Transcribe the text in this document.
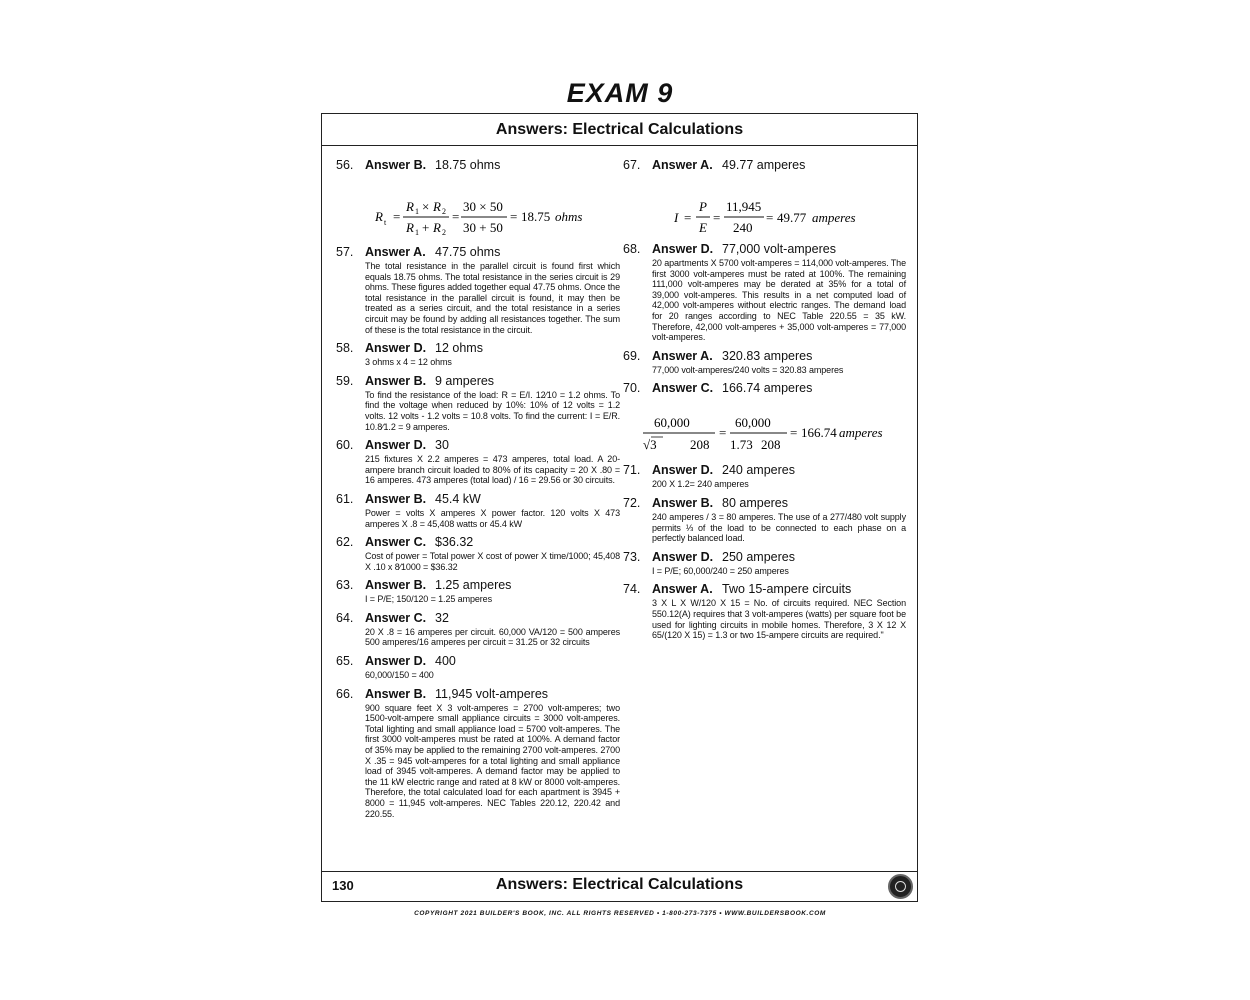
EXAM 9
Answers: Electrical Calculations
130	Answers: Electrical Calculations
56. Answer B. 18.75 ohms
R t =
R 1 × R 2
R 1 + R 2
=
30 × 50
30 + 50
= 18.75 ohms
57. Answer A. 47.75 ohms

The total resistance in the parallel circuit is found first which equals 18.75 ohms. The total resistance in the series circuit is 29 ohms. These figures added together equal 47.75 ohms. Once the total resistance in the parallel circuit is found, it may then be treated as a series circuit, and the total resistance in a series circuit may be found by adding all resistances together. The sum of these is the total resistance in the circuit.

58. Answer D. 12 ohms

3 ohms x 4 = 12 ohms

59. Answer B. 9 amperes

To find the resistance of the load: R = E/I. 12⁄10 = 1.2 ohms. To find the voltage when reduced by 10%: 10% of 12 volts = 1.2 volts. 12 volts - 1.2 volts = 10.8 volts. To find the current: I = E/R. 10.8⁄1.2 = 9 amperes.

60. Answer D. 30

215 fixtures X 2.2 amperes = 473 amperes, total load. A 20-ampere branch circuit loaded to 80% of its capacity = 20 X .80 = 16 amperes. 473 amperes (total load) / 16 = 29.56 or 30 circuits.

61. Answer B. 45.4 kW

Power = volts X amperes X power factor. 120 volts X 473 amperes X .8 = 45,408 watts or 45.4 kW

62. Answer C. $36.32

Cost of power = Total power X cost of power X time/1000; 45,408 X .10 x 8⁄1000 = $36.32

63. Answer B. 1.25 amperes

I = P/E; 150/120 = 1.25 amperes

64. Answer C. 32

20 X .8 = 16 amperes per circuit. 60,000 VA/120 = 500 amperes 500 amperes/16 amperes per circuit = 31.25 or 32 circuits

65. Answer D. 400

60,000/150 = 400

66. Answer B. 11,945 volt-amperes

900 square feet X 3 volt-amperes = 2700 volt-amperes; two 1500-volt-ampere small appliance circuits = 3000 volt-amperes. Total lighting and small appliance load = 5700 volt-amperes. The first 3000 volt-amperes must be rated at 100%. A demand factor of 35% may be applied to the remaining 2700 volt-amperes. 2700 X .35 = 945 volt-amperes for a total lighting and small appliance load of 3945 volt-amperes. A demand factor may be applied to the 11 kW electric range and rated at 8 kW or 8000 volt-amperes. Therefore, the total calculated load for each apartment is 3945 + 8000 = 11,945 volt-amperes. NEC Tables 220.12, 220.42 and 220.55.

67. Answer A. 49.77 amperes
I =
P
E
=
11,945
240
= 49.77 amperes
68. Answer D. 77,000 volt-amperes

20 apartments X 5700 volt-amperes = 114,000 volt-amperes. The first 3000 volt-amperes must be rated at 100%. The remaining 111,000 volt-amperes may be derated at 35% for a total of 39,000 volt-amperes. This results in a net computed load of 42,000 volt-amperes without electric ranges. The demand load for 20 ranges according to NEC Table 220.55 = 35 kW. Therefore, 42,000 volt-amperes + 35,000 volt-amperes = 77,000 volt-amperes.

69. Answer A. 320.83 amperes

77,000 volt-amperes/240 volts = 320.83 amperes

70. Answer C. 166.74 amperes
60,000
√3	208
=
60,000
1.73 208
= 166.74 amperes
71. Answer D. 240 amperes

200 X 1.2= 240 amperes

72. Answer B. 80 amperes

240 amperes / 3 = 80 amperes. The use of a 277/480 volt supply permits ⅓ of the load to be connected to each phase on a perfectly balanced load.

73. Answer D. 250 amperes

I = P/E; 60,000/240 = 250 amperes

74. Answer A. Two 15-ampere circuits

3 X L X W/120 X 15 = No. of circuits required. NEC Section 550.12(A) requires that 3 volt-amperes (watts) per square foot be used for lighting circuits in mobile homes. Therefore, 3 X 12 X 65/(120 X 15) = 1.3 or two 15-ampere circuits are required."

COPYRIGHT 2021 BUILDER'S BOOK, INC. ALL RIGHTS RESERVED • 1-800-273-7375 • WWW.BUILDERSBOOK.COM
